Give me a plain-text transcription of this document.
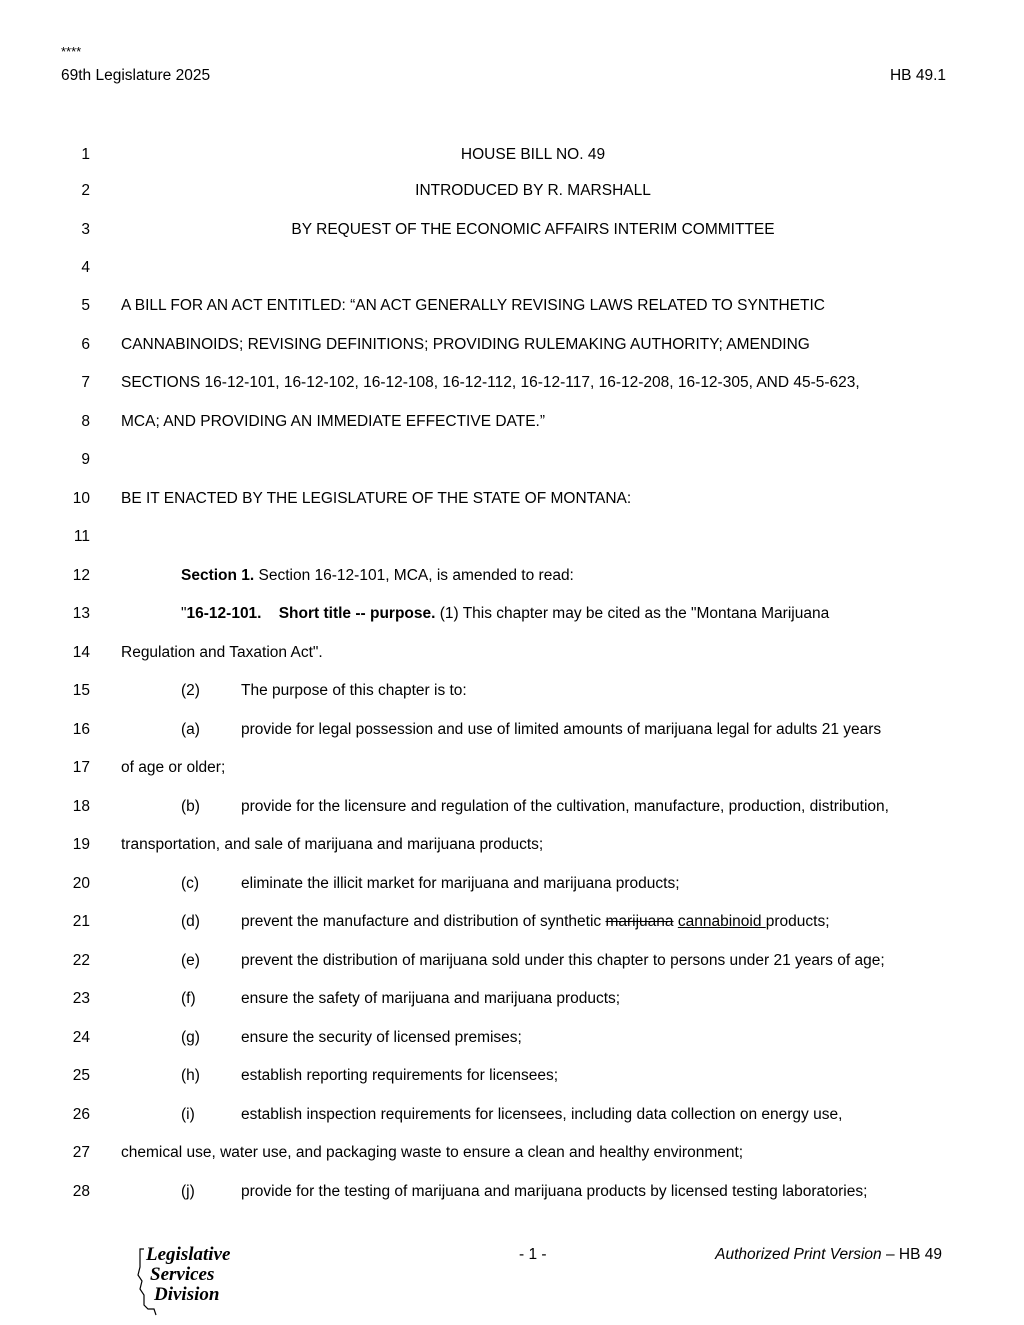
****
69th Legislature 2025	HB 49.1
1	HOUSE BILL NO. 49
2	INTRODUCED BY R. MARSHALL
3	BY REQUEST OF THE ECONOMIC AFFAIRS INTERIM COMMITTEE
4
5 A BILL FOR AN ACT ENTITLED: “AN ACT GENERALLY REVISING LAWS RELATED TO SYNTHETIC
6 CANNABINOIDS; REVISING DEFINITIONS; PROVIDING RULEMAKING AUTHORITY; AMENDING
7 SECTIONS 16-12-101, 16-12-102, 16-12-108, 16-12-112, 16-12-117, 16-12-208, 16-12-305, AND 45-5-623,
8 MCA; AND PROVIDING AN IMMEDIATE EFFECTIVE DATE.”
9
10 BE IT ENACTED BY THE LEGISLATURE OF THE STATE OF MONTANA:
11
12	Section 1. Section 16-12-101, MCA, is amended to read:
13	"16-12-101.    Short title -- purpose. (1) This chapter may be cited as the "Montana Marijuana
14 Regulation and Taxation Act".
15	(2)	The purpose of this chapter is to:
16	(a)	provide for legal possession and use of limited amounts of marijuana legal for adults 21 years
17 of age or older;
18	(b)	provide for the licensure and regulation of the cultivation, manufacture, production, distribution,
19 transportation, and sale of marijuana and marijuana products;
20	(c)	eliminate the illicit market for marijuana and marijuana products;
21	(d)	prevent the manufacture and distribution of synthetic marijuana cannabinoid products;
22	(e)	prevent the distribution of marijuana sold under this chapter to persons under 21 years of age;
23	(f)	ensure the safety of marijuana and marijuana products;
24	(g)	ensure the security of licensed premises;
25	(h)	establish reporting requirements for licensees;
26	(i)	establish inspection requirements for licensees, including data collection on energy use,
27 chemical use, water use, and packaging waste to ensure a clean and healthy environment;
28	(j)	provide for the testing of marijuana and marijuana products by licensed testing laboratories;
Legislative
Services
Division
- 1 -	Authorized Print Version – HB 49
